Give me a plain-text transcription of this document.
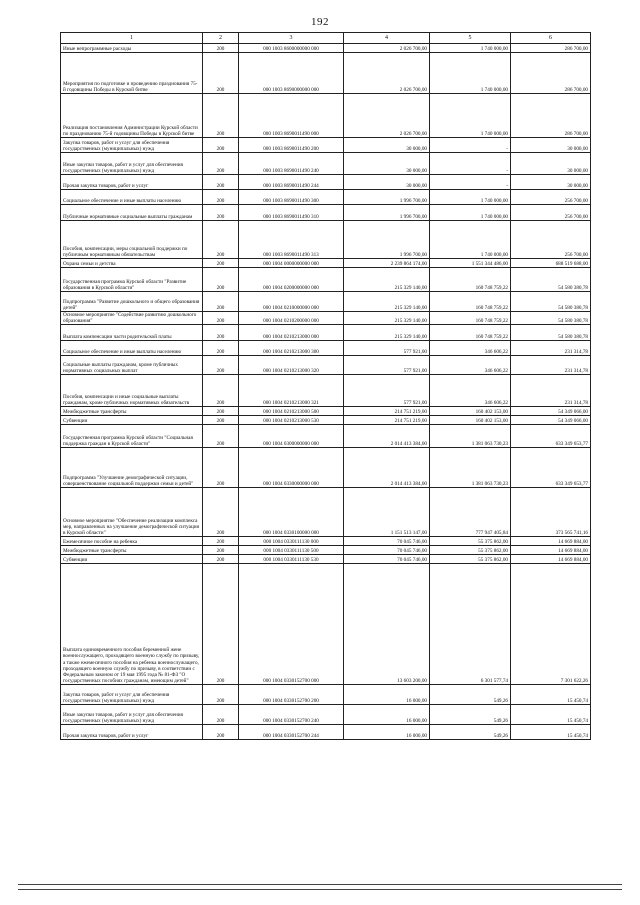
192
1	2	3	4	5	6
Иные непрограммные расходы	200	000 1003 8600000000 000	2 026 700,00	1 740 000,00	286 700,00
Мероприятия по подготовке и проведению празднования 75-й годовщины Победы в Курской битве	200	000 1003 8690000000 000	2 026 700,00	1 740 000,00	286 700,00
Реализация постановления Администрации Курской области по празднованию 75-й годовщины Победы в Курской битве	200	000 1003 8690011490 000	2 026 700,00	1 740 000,00	286 700,00
Закупка товаров, работ и услуг для обеспечения государственных (муниципальных) нужд	200	000 1003 8690011490 200	30 000,00	-	30 000,00
Иные закупки товаров, работ и услуг для обеспечения государственных (муниципальных) нужд	200	000 1003 8690011490 240	30 000,00	-	30 000,00
Прочая закупка товаров, работ и услуг	200	000 1003 8690011490 244	30 000,00	-	30 000,00
Социальное обеспечение и иные выплаты населению	200	000 1003 8690011490 300	1 996 700,00	1 740 000,00	256 700,00
Публичные нормативные социальные выплаты гражданам	200	000 1003 8690011490 310	1 996 700,00	1 740 000,00	256 700,00
Пособия, компенсации, меры социальной поддержки по публичным нормативным обязательствам	200	000 1003 8690011490 313	1 996 700,00	1 740 000,00	256 700,00
Охрана семьи и детства	200	000 1004 0000000000 000	2 239 864 174,00	1 551 344 486,00	688 519 688,00
Государственная программа Курской области "Развитие образования в Курской области"	200	000 1004 0200000000 000	215 329 140,00	160 748 759,22	54 580 380,78
Подпрограмма "Развитие дошкольного и общего образования детей"	200	000 1004 0210000000 000	215 329 140,00	160 748 759,22	54 580 380,78
Основное мероприятие "Содействие развитию дошкольного образования"	200	000 1004 0210200000 000	215 329 140,00	160 748 759,22	54 580 380,78
Выплата компенсации части родительской платы	200	000 1004 0210213000 000	215 329 140,00	160 748 759,22	54 580 380,78
Социальное обеспечение и иные выплаты населению	200	000 1004 0210213000 300	577 921,00	346 606,22	231 314,78
Социальные выплаты гражданам, кроме публичных нормативных социальных выплат	200	000 1004 0210213000 320	577 921,00	346 606,22	231 314,78
Пособия, компенсации и иные социальные выплаты гражданам, кроме публичных нормативных обязательств	200	000 1004 0210213000 321	577 921,00	346 606,22	231 314,78
Межбюджетные трансферты	200	000 1004 0210213000 500	214 751 219,00	160 402 153,00	54 349 066,00
Субвенции	200	000 1004 0210213000 530	214 751 219,00	160 402 153,00	54 349 066,00
Государственная программа Курской области "Социальная поддержка граждан в Курской области"	200	000 1004 0300000000 000	2 014 413 384,00	1 381 063 730,23	633 349 653,77
Подпрограмма "Улучшение демографической ситуации, совершенствование социальной поддержки семьи и детей"	200	000 1004 0330000000 000	2 014 413 384,00	1 381 063 730,23	633 349 653,77
Основное мероприятие "Обеспечение реализации комплекса мер, направленных на улучшение демографической ситуации в Курской области"	200	000 1004 0330100000 000	1 151 513 147,00	777 947 405,84	373 565 741,16
Ежемесячное пособие на ребенка	200	000 1004 0330111130 000	70 045 746,00	55 375 862,00	14 669 884,00
Межбюджетные трансферты	200	000 1004 0330111130 500	70 045 746,00	55 375 862,00	14 669 884,00
Субвенции	200	000 1004 0330111130 530	70 045 746,00	55 375 862,00	14 669 884,00
Выплата единовременного пособия беременной жене военнослужащего, проходящего военную службу по призыву, а также ежемесячного пособия на ребенка военнослужащего, проходящего военную службу по призыву, в соответствии с Федеральным законом от 19 мая 1995 года № 81-ФЗ "О государственных пособиях гражданам, имеющим детей"	200	000 1004 0330152700 000	13 603 200,00	6 301 577,74	7 301 622,26
Закупка товаров, работ и услуг для обеспечения государственных (муниципальных) нужд	200	000 1004 0330152700 200	16 000,00	549,26	15 450,74
Иные закупки товаров, работ и услуг для обеспечения государственных (муниципальных) нужд	200	000 1004 0330152700 240	16 000,00	549,26	15 450,74
Прочая закупка товаров, работ и услуг	200	000 1004 0330152700 244	16 000,00	549,26	15 450,74
